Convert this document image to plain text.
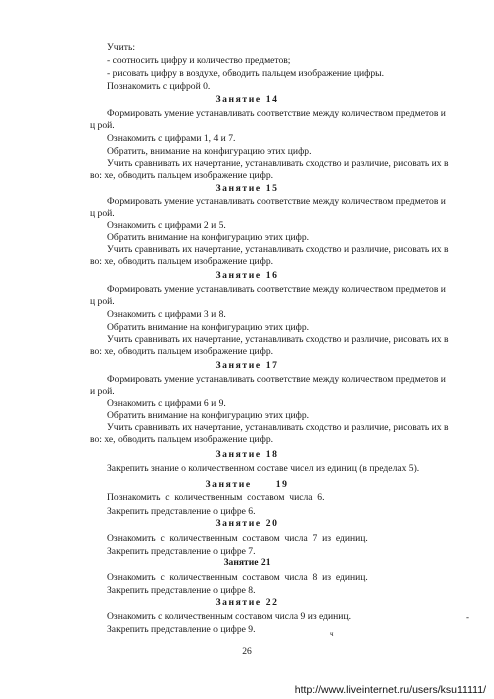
Учить:
- соотносить цифру и количество предметов;
- рисовать цифру в воздухе, обводить пальцем изображение цифры.
Познакомить с цифрой 0.
Занятие 14
Формировать умение устанавливать соответствие между количеством предметов и
ц рой.
Ознакомить с цифрами 1, 4 и 7.
Обратить, внимание на конфигурацию этих цифр.
Учить сравнивать их начертание, устанавливать сходство и различие, рисовать их в
во: хе, обводить пальцем изображение цифр.
Занятие 15
Формировать умение устанавливать соответствие между количеством предметов и
ц рой.
Ознакомить с цифрами 2 и 5.
Обратить внимание на конфигурацию этих цифр.
Учить сравнивать их начертание, устанавливать сходство и различие, рисовать их в
во: хе, обводить пальцем изображение цифр.
Занятие 16
Формировать умение устанавливать соответствие между количеством предметов и
ц рой.
Ознакомить с цифрами 3 и 8.
Обратить внимание на конфигурацию этих цифр.
Учить сравнивать их начертание, устанавливать сходство и различие, рисовать их в
во: хе, обводить пальцем изображение цифр.
Занятие 17
Формировать умение устанавливать соответствие между количеством предметов и
и рой.
Ознакомить с цифрами 6 и 9.
Обратить внимание на конфигурацию этих цифр.
Учить сравнивать их начертание, устанавливать сходство и различие, рисовать их в
во: хе, обводить пальцем изображение цифр.
Занятие 18
Закрепить знание о количественном составе чисел из единиц (в пределах 5).
Занятие      19
Познакомить  с  количественным  составом  числа  6.
Закрепить представление о цифре 6.
Занятие 20
Ознакомить  с  количественным  составом  числа  7  из  единиц.
Закрепить представление о цифре 7.
Занятие 21
Ознакомить  с  количественным  составом  числа  8  из  единиц.
Закрепить представление о цифре 8.
Занятие 22
Ознакомить с количественным составом числа 9 из единиц.
Закрепить представление о цифре 9.
-
ч
26
http://www.liveinternet.ru/users/ksu11111/
